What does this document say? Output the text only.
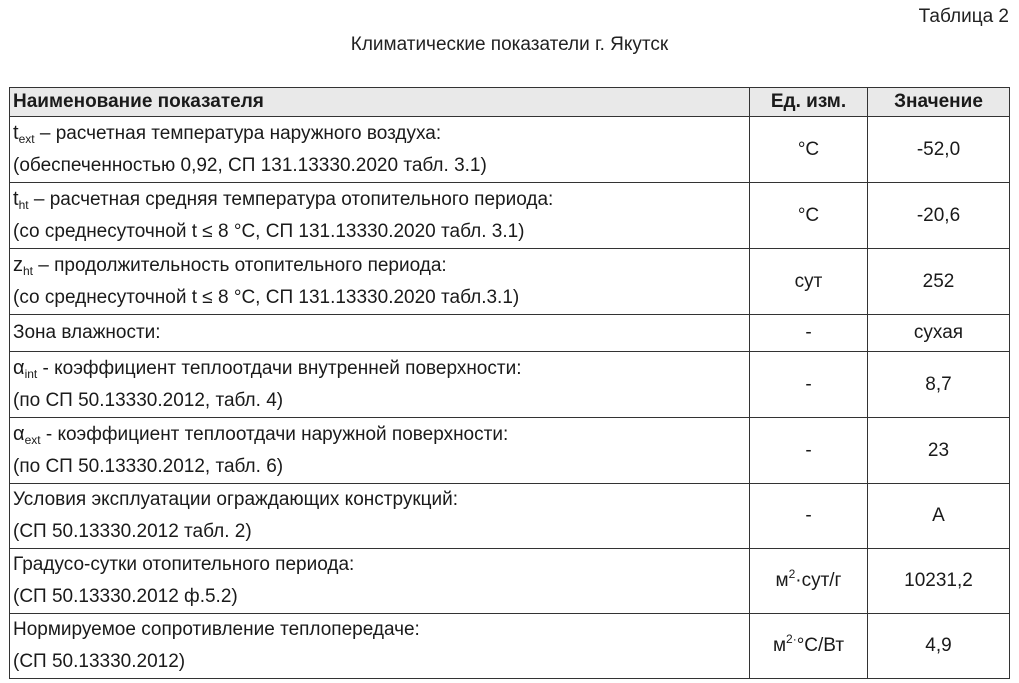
Таблица 2
Климатические показатели г. Якутск
Наименование показателя	Ед. изм.	Значение

$t_{ext}$ – расчетная температура наружного воздуха:
(обеспеченностью 0,92, СП 131.13330.2020 табл. 3.1)	°C	-52,0

$t_{ht}$ – расчетная средняя температура отопительного периода:
(со среднесуточной t ≤ 8 °C, СП 131.13330.2020 табл. 3.1)	°C	-20,6

$z_{ht}$ – продолжительность отопительного периода:
(со среднесуточной t ≤ 8 °C, СП 131.13330.2020 табл.3.1)	сут	252

Зона влажности:	-	сухая

$\alpha_{int}$ - коэффициент теплоотдачи внутренней поверхности:
(по СП 50.13330.2012, табл. 4)	-	8,7

$\alpha_{ext}$ - коэффициент теплоотдачи наружной поверхности:
(по СП 50.13330.2012, табл. 6)	-	23

Условия эксплуатации ограждающих конструкций:
(СП 50.13330.2012 табл. 2)	-	А

Градусо-сутки отопительного периода:
(СП 50.13330.2012 ф.5.2)	$м^2\cdot сут/г$	10231,2

Нормируемое сопротивление теплопередаче:
(СП 50.13330.2012)	$м^{2\cdot}^\circ С/Вт$	4,9
